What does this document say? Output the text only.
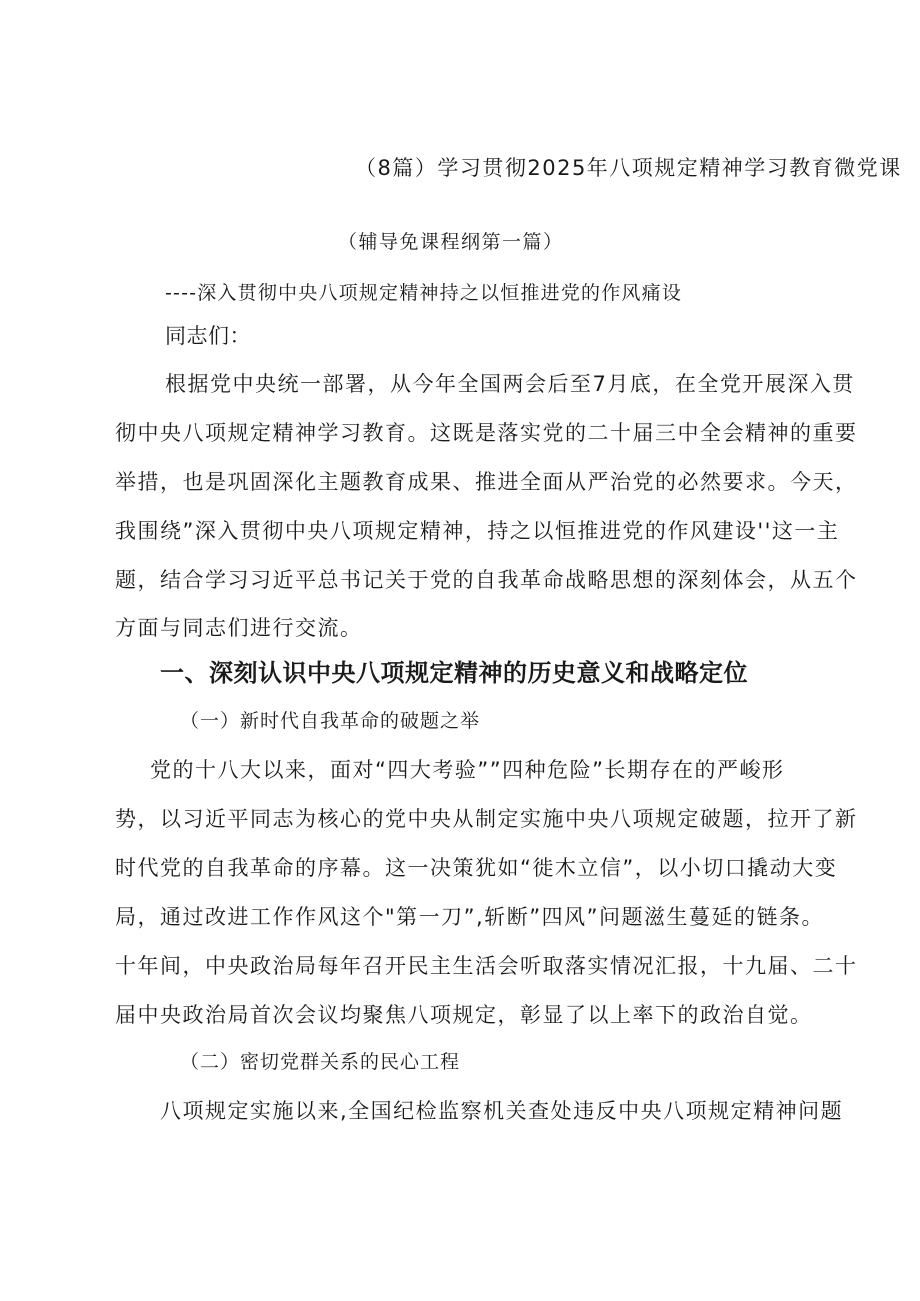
（8篇）学习贯彻2025年八项规定精神学习教育微党课
（辅导免课程纲第一篇）
----深入贯彻中央八项规定精神持之以恒推进党的作风痛设
同志们：
根据党中央统一部署，从今年全国两会后至7月底，在全党开展深入贯
彻中央八项规定精神学习教育。这既是落实党的二十届三中全会精神的重要
举措，也是巩固深化主题教育成果、推进全面从严治党的必然要求。今天，
我围绕”深入贯彻中央八项规定精神，持之以恒推进党的作风建设''这一主
题，结合学习习近平总书记关于党的自我革命战略思想的深刻体会，从五个
方面与同志们进行交流。
一、深刻认识中央八项规定精神的历史意义和战略定位
（一）新时代自我革命的破题之举
党的十八大以来，面对“四大考验””四种危险”长期存在的严峻形
势，以习近平同志为核心的党中央从制定实施中央八项规定破题，拉开了新
时代党的自我革命的序幕。这一决策犹如“徙木立信”，以小切口撬动大变
局，通过改进工作作风这个"第一刀”,斩断”四风”问题滋生蔓延的链条。
十年间，中央政治局每年召开民主生活会听取落实情况汇报，十九届、二十
届中央政治局首次会议均聚焦八项规定，彰显了以上率下的政治自觉。
（二）密切党群关系的民心工程
八项规定实施以来,全国纪检监察机关查处违反中央八项规定精神问题
